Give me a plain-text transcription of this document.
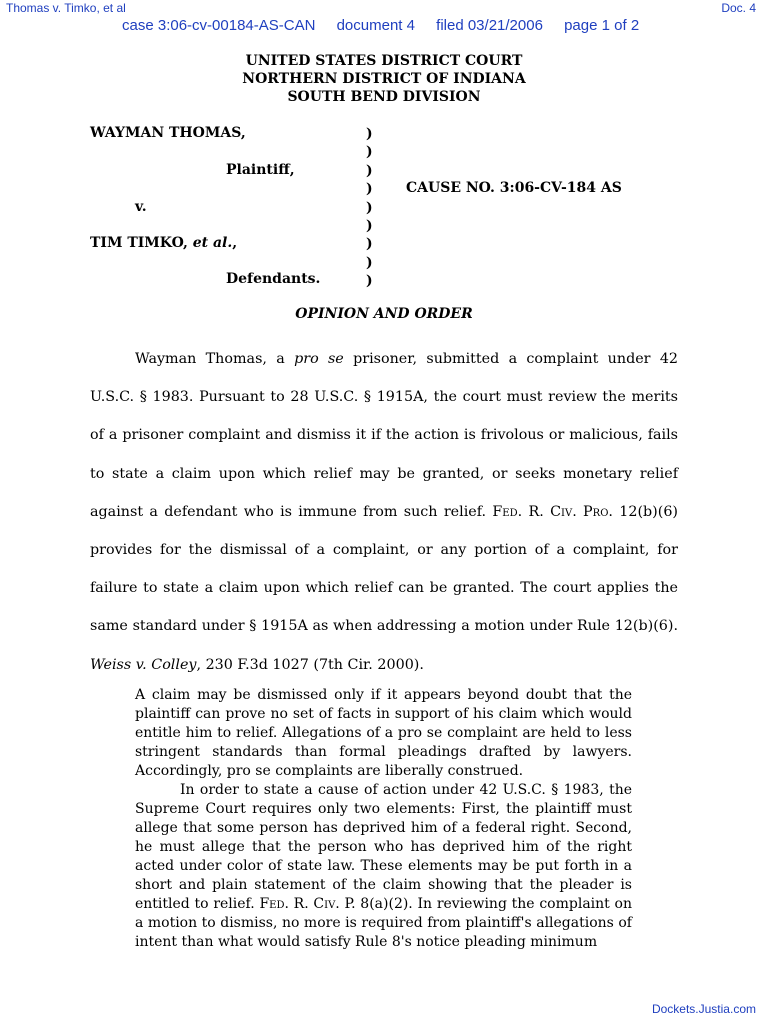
Thomas v. Timko, et al	Doc. 4
case 3:06-cv-00184-AS-CAN document 4 filed 03/21/2006 page 1 of 2
UNITED STATES DISTRICT COURT
NORTHERN DISTRICT OF INDIANA
SOUTH BEND DIVISION
WAYMAN THOMAS,
Plaintiff,
v.
TIM TIMKO, et al.,
Defendants.
)
)
)
)
)
)
)
)
)
CAUSE NO. 3:06-CV-184 AS
OPINION AND ORDER

Wayman Thomas, a pro se prisoner, submitted a complaint under 42 U.S.C. § 1983. Pursuant to 28 U.S.C. § 1915A, the court must review the merits of a prisoner complaint and dismiss it if the action is frivolous or malicious, fails to state a claim upon which relief may be granted, or seeks monetary relief against a defendant who is immune from such relief. Fed. R. Civ. Pro. 12(b)(6) provides for the dismissal of a complaint, or any portion of a complaint, for failure to state a claim upon which relief can be granted. The court applies the same standard under § 1915A as when addressing a motion under Rule 12(b)(6). Weiss v. Colley, 230 F.3d 1027 (7th Cir. 2000).

A claim may be dismissed only if it appears beyond doubt that the plaintiff can prove no set of facts in support of his claim which would entitle him to relief. Allegations of a pro se complaint are held to less stringent standards than formal pleadings drafted by lawyers. Accordingly, pro se complaints are liberally construed.

In order to state a cause of action under 42 U.S.C. § 1983, the Supreme Court requires only two elements: First, the plaintiff must allege that some person has deprived him of a federal right. Second, he must allege that the person who has deprived him of the right acted under color of state law. These elements may be put forth in a short and plain statement of the claim showing that the pleader is entitled to relief. Fed. R. Civ. P. 8(a)(2). In reviewing the complaint on a motion to dismiss, no more is required from plaintiff's allegations of intent than what would satisfy Rule 8's notice pleading minimum

Dockets.Justia.com
